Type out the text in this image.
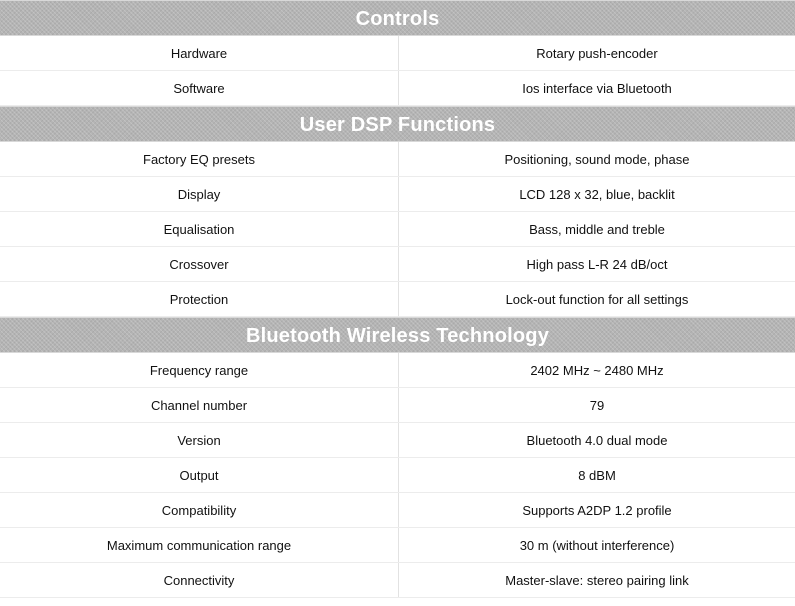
Controls
Hardware	Rotary push-encoder
Software	Ios interface via Bluetooth
User DSP Functions
Factory EQ presets	Positioning, sound mode, phase
Display	LCD 128 x 32, blue, backlit
Equalisation	Bass, middle and treble
Crossover	High pass L-R 24 dB/oct
Protection	Lock-out function for all settings
Bluetooth Wireless Technology
Frequency range	2402 MHz ~ 2480 MHz
Channel number	79
Version	Bluetooth 4.0 dual mode
Output	8 dBM
Compatibility	Supports A2DP 1.2 profile
Maximum communication range	30 m (without interference)
Connectivity	Master-slave: stereo pairing link
